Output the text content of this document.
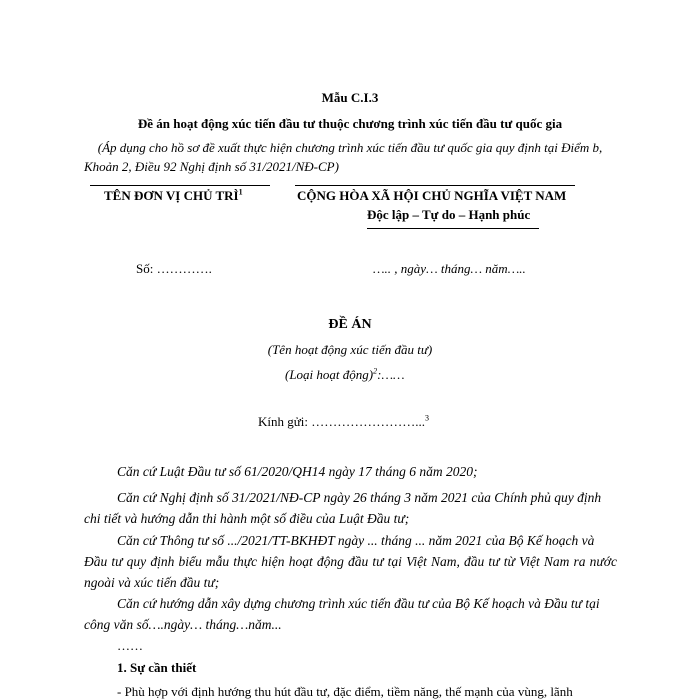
Mẫu C.I.3
Đề án hoạt động xúc tiến đầu tư thuộc chương trình xúc tiến đầu tư quốc gia
(Áp dụng cho hồ sơ đề xuất thực hiện chương trình xúc tiến đầu tư quốc gia quy định tại Điểm b,
Khoản 2, Điều 92 Nghị định số 31/2021/NĐ-CP)
TÊN ĐƠN VỊ CHỦ TRÌ$^1$	CỘNG HÒA XÃ HỘI CHỦ NGHĨA VIỆT NAM
Độc lập – Tự do – Hạnh phúc
Số: ………….	….. , ngày… tháng… năm…..
ĐỀ ÁN
(Tên hoạt động xúc tiến đầu tư)
(Loại hoạt động)$^2$:……
Kính gửi: ……………………...$^3$
Căn cứ Luật Đầu tư số 61/2020/QH14 ngày 17 tháng 6 năm 2020;
Căn cứ Nghị định số 31/2021/NĐ-CP ngày 26 tháng 3 năm 2021 của Chính phủ quy định
chi tiết và hướng dẫn thi hành một số điều của Luật Đầu tư;
Căn cứ Thông tư số .../2021/TT-BKHĐT ngày ... tháng ... năm 2021 của Bộ Kế hoạch và
Đầu tư quy định biểu mẫu thực hiện hoạt động đầu tư tại Việt Nam, đầu tư từ Việt Nam ra nước ngoài và xúc tiến đầu tư;
Căn cứ hướng dẫn xây dựng chương trình xúc tiến đầu tư của Bộ Kế hoạch và Đầu tư tại
công văn số….ngày… tháng…năm...
……
1. Sự cần thiết
- Phù hợp với định hướng thu hút đầu tư, đặc điểm, tiềm năng, thế mạnh của vùng, lãnh
